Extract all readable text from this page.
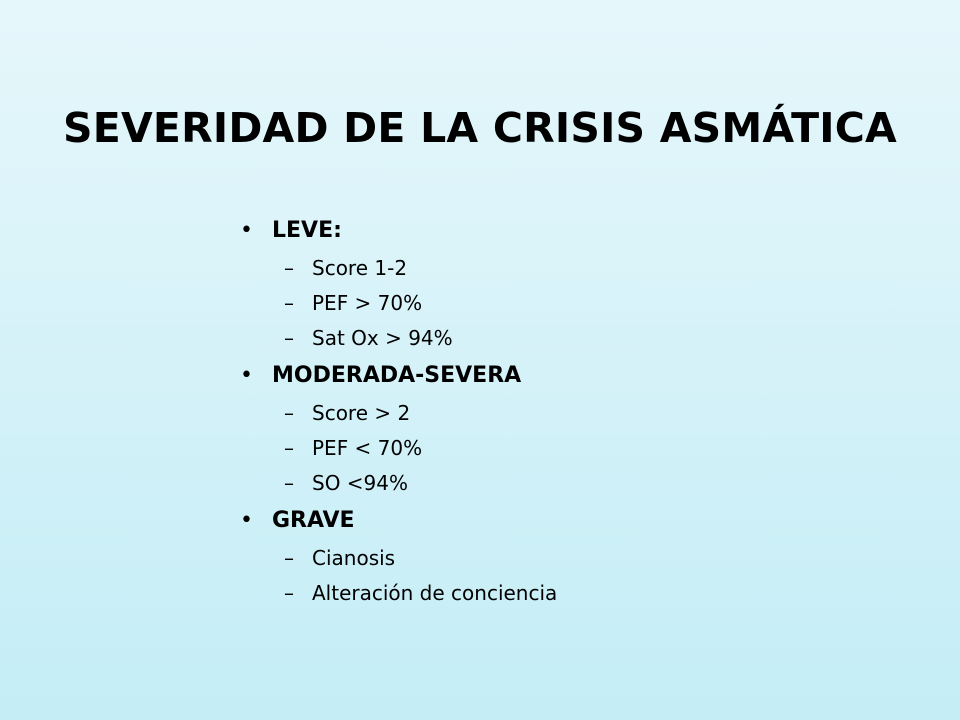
SEVERIDAD DE LA CRISIS ASMÁTICA
• LEVE:
– Score 1-2
– PEF > 70%
– Sat Ox > 94%
• MODERADA-SEVERA
– Score > 2
– PEF < 70%
– SO <94%
• GRAVE
– Cianosis
– Alteración de conciencia
